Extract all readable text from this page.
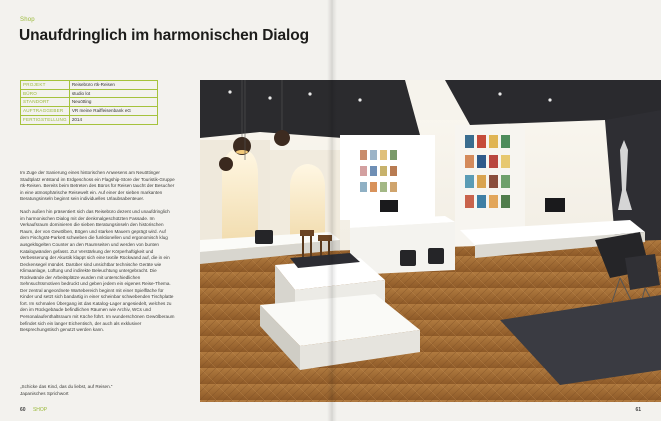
Shop
Unaufdringlich im harmonischen Dialog
PROJEKT	Reisebüro rtk-Reisen
BÜRO	studio lot
STANDORT	Neuötting
AUFTRAGGEBER	VR meine Raiffeisenbank eG
FERTIGSTELLUNG	2014

Im Zuge der Sanierung eines historischen Anwesens am Neuöttinger Stadtplatz entstand im Erdgeschoss ein Flagship-Store der Touristik-Gruppe rtk-Reisen. Bereits beim Betreten des Büros für Reisen taucht der Besucher in eine atmosphärische Reisewelt ein. Auf einer der sieben markanten Beratungsinseln beginnt sein individuelles Urlaubsabenteuer.

Nach außen hin präsentiert sich das Reisebüro dezent und unaufdringlich im harmonischen Dialog mit der denkmalgeschützten Fassade. Im Verkaufsraum dominieren die sieben Beratungsinseln den historischen Raum, der von Gewölben, Bögen und starken Mauern geprägt wird. Auf dem Fischgrät-Parkett schweben die funktionellen und ergonomisch klug ausgeklügelten Counter an den Raumseiten und werden von bunten Katalogwänden gefasst. Zur Verstärkung der Körperhaftigkeit und Verbesserung der Akustik klappt sich eine textile Rückwand auf, die in ein Deckensegel mündet. Darüber sind unsichtbar technische Geräte wie Klimaanlage, Lüftung und indirekte Beleuchtung untergebracht. Die Rückwände der Arbeitsplätze wurden mit unterschiedlichen Sehnsuchtsmotiven bedruckt und geben jedem ein eigenes Reise-Thema. Der zentral angeordnete Wartebereich beginnt mit einer Spielfläche für Kinder und setzt sich bandartig in einer scheinbar schwebenden Tischplatte fort. Im schmalen Übergang ist das Katalog-Lager angesiedelt, welches zu den im Rückgebäude befindlichen Räumen wie Archiv, WCs und Personalaufenthaltsraum mit Küche führt. Im wunderschönen Gewölberaum befindet sich ein langer Eichentisch, der auch als exklusiver Besprechungstisch genutzt werden kann.

„Schicke das Kind, das du liebst, auf Reisen.“
Japanisches Sprichwort
60 SHOP	61
